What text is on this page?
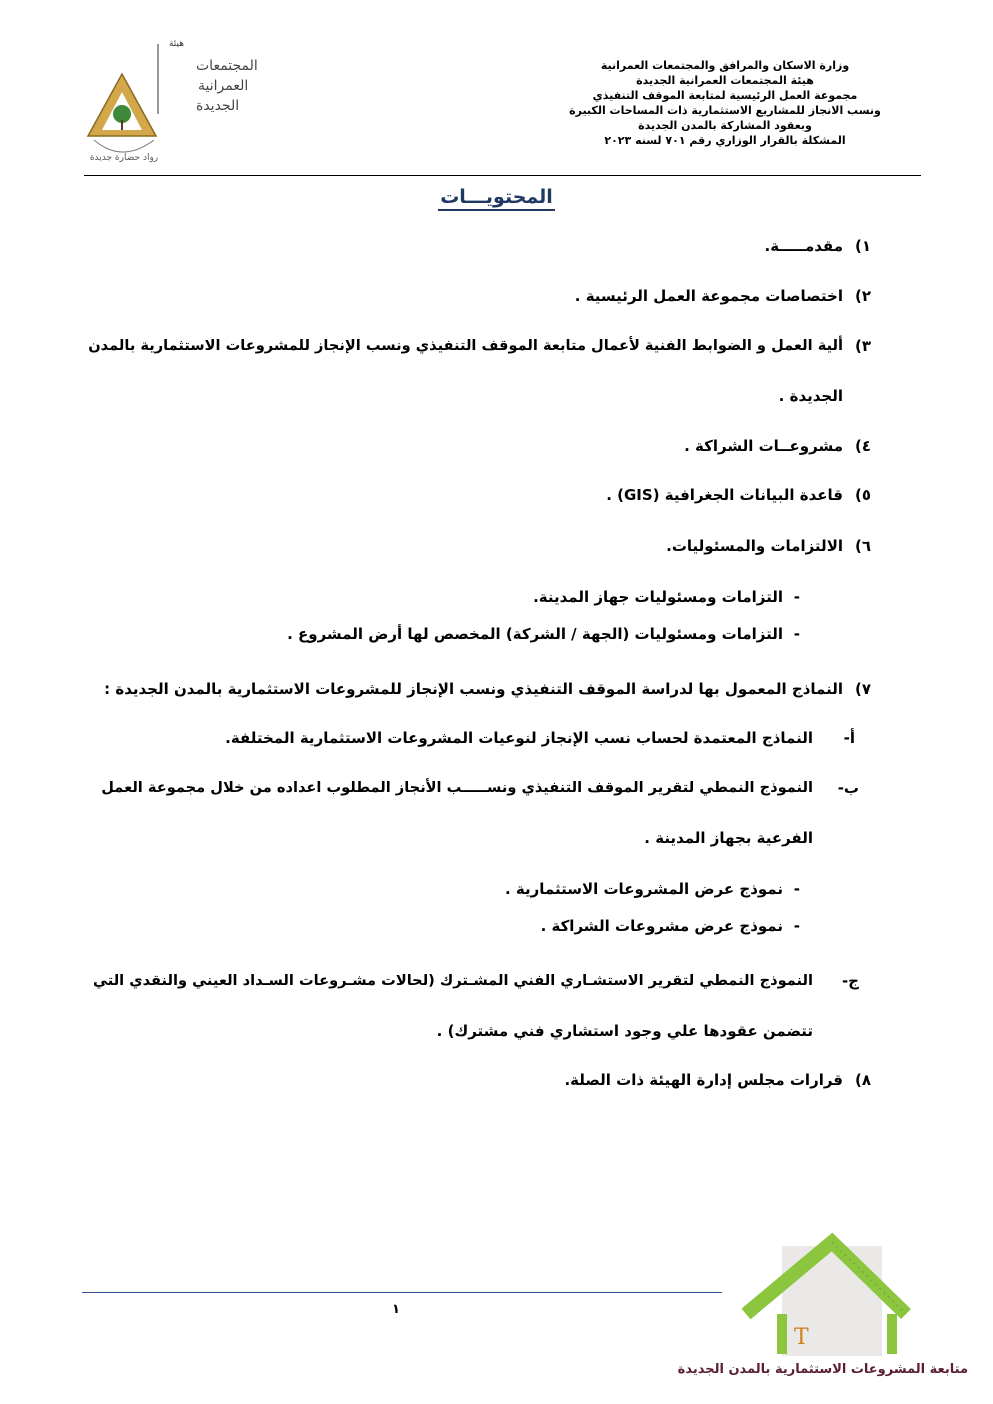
وزارة الاسكان والمرافق والمجتمعات العمرانية
هيئة المجتمعات العمرانية الجديدة
مجموعة العمل الرئيسية لمتابعة الموقف التنفيذي
ونسب الانجاز للمشاريع الاستثمارية ذات المساحات الكبيرة
وبعقود المشاركة بالمدن الجديدة
المشكلة بالقرار الوزاري رقم ٧٠١ لسنه ٢٠٢٣
هيئة
المجتمعات
العمرانية
الجديدة
رواد حضارة جديدة
المحتويـــات
١)
مقدمـــــة.
٢)
اختصاصات مجموعة العمل الرئيسية .
٣)
ألية العمل و الضوابط الفنية لأعمال متابعة الموقف التنفيذي ونسب الإنجاز للمشروعات الاستثمارية بالمدن
الجديدة .
٤)
مشروعــات الشراكة .
٥)
قاعدة البيانات الجغرافية (GIS) .
٦)
الالتزامات والمسئوليات.
-
التزامات ومسئوليات جهاز المدينة.
-
التزامات ومسئوليات (الجهة / الشركة) المخصص لها أرض المشروع .
٧)
النماذج المعمول بها لدراسة الموقف التنفيذي ونسب الإنجاز للمشروعات الاستثمارية بالمدن الجديدة :
أ‌-
النماذج المعتمدة لحساب نسب الإنجاز لنوعيات المشروعات الاستثمارية المختلفة.
ب‌-
النموذج النمطي لتقرير الموقف التنفيذي ونســـــب الأنجاز المطلوب اعداده من خلال مجموعة العمل
الفرعية بجهاز المدينة .
-
نموذج عرض المشروعات الاستثمارية .
-
نموذج عرض مشروعات الشراكة .
ج‌-
النموذج النمطي لتقرير الاستشـاري الفني المشـترك (لحالات مشـروعات السـداد العيني والنقدي التي
تتضمن عقودها علي وجود استشاري فني مشترك) .
٨)
قرارات مجلس إدارة الهيئة ذات الصلة.
١
T
متابعة المشروعات الاستثمارية بالمدن الجديدة
